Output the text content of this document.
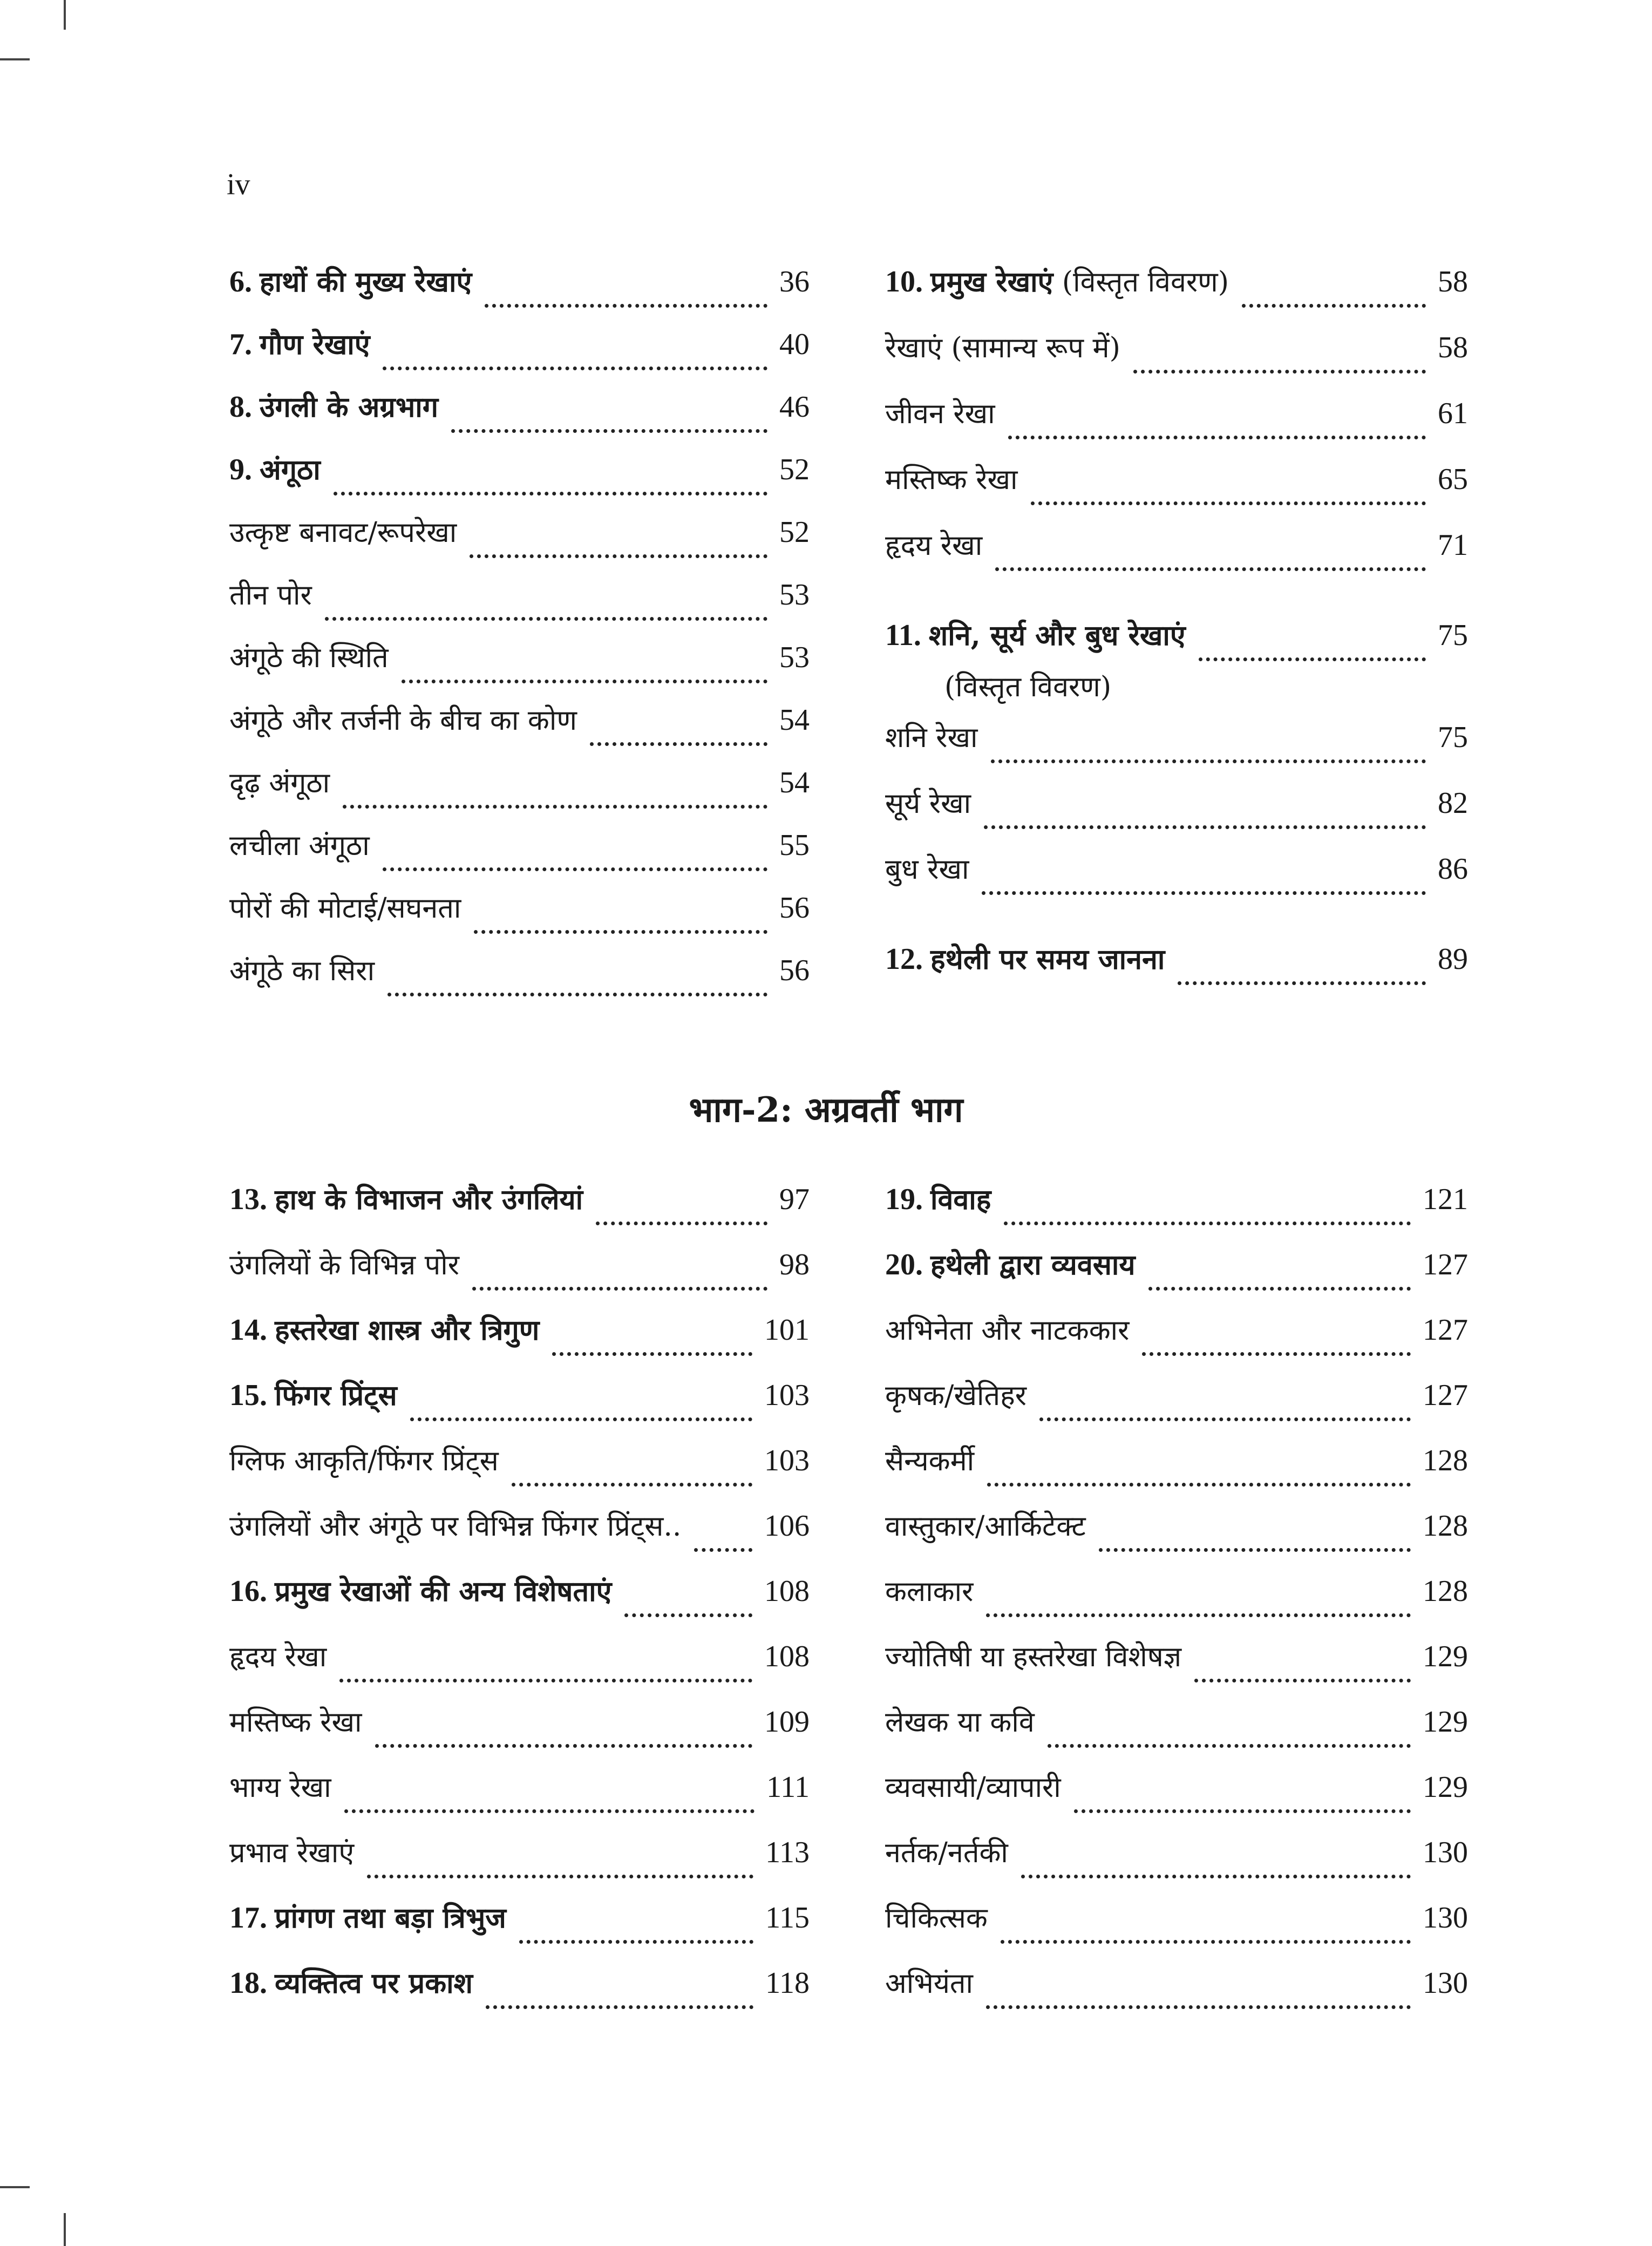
iv
6. हाथों की मुख्य रेखाएं	36
7. गौण रेखाएं	40
8. उंगली के अग्रभाग	46
9. अंगूठा	52
उत्कृष्ट बनावट/रूपरेखा	52
तीन पोर	53
अंगूठे की स्थिति	53
अंगूठे और तर्जनी के बीच का कोण	54
दृढ़ अंगूठा	54
लचीला अंगूठा	55
पोरों की मोटाई/सघनता	56
अंगूठे का सिरा	56
10. प्रमुख रेखाएं (विस्तृत विवरण)	58
रेखाएं (सामान्य रूप में)	58
जीवन रेखा	61
मस्तिष्क रेखा	65
हृदय रेखा	71
11. शनि, सूर्य और बुध रेखाएं	75
(विस्तृत विवरण)
शनि रेखा	75
सूर्य रेखा	82
बुध रेखा	86
12. हथेली पर समय जानना	89
भाग-2: अग्रवर्ती भाग
13. हाथ के विभाजन और उंगलियां	97
उंगलियों के विभिन्न पोर	98
14. हस्तरेखा शास्त्र और त्रिगुण	101
15. फिंगर प्रिंट्स	103
ग्लिफ आकृति/फिंगर प्रिंट्स	103
उंगलियों और अंगूठे पर विभिन्न फिंगर प्रिंट्स..	106
16. प्रमुख रेखाओं की अन्य विशेषताएं	108
हृदय रेखा	108
मस्तिष्क रेखा	109
भाग्य रेखा	111
प्रभाव रेखाएं	113
17. प्रांगण तथा बड़ा त्रिभुज	115
18. व्यक्तित्व पर प्रकाश	118
19. विवाह	121
20. हथेली द्वारा व्यवसाय	127
अभिनेता और नाटककार	127
कृषक/खेतिहर	127
सैन्यकर्मी	128
वास्तुकार/आर्किटेक्ट	128
कलाकार	128
ज्योतिषी या हस्तरेखा विशेषज्ञ	129
लेखक या कवि	129
व्यवसायी/व्यापारी	129
नर्तक/नर्तकी	130
चिकित्सक	130
अभियंता	130
